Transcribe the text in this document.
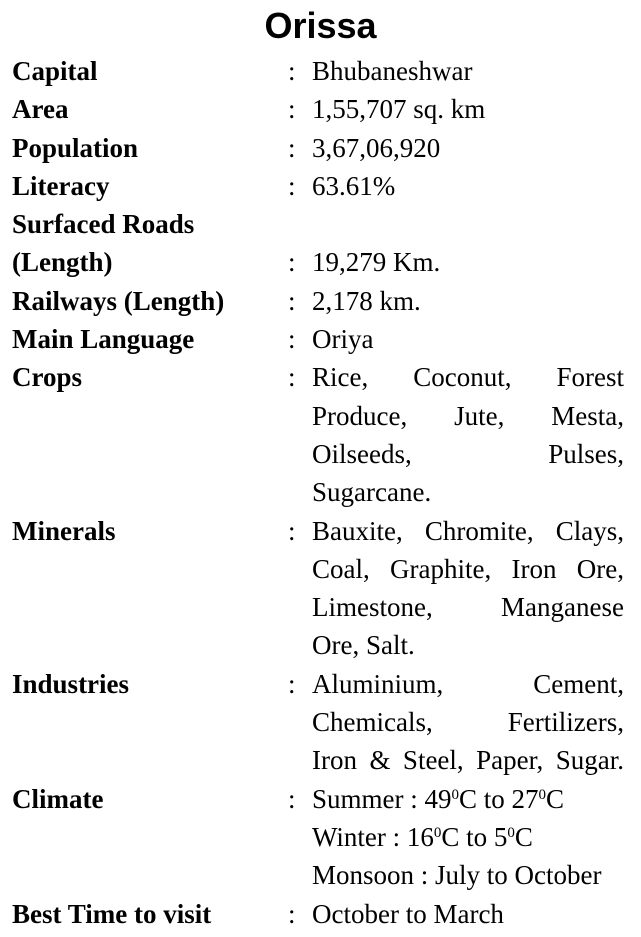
Orissa
Capital	: Bhubaneshwar
Area	: 1,55,707 sq. km
Population	: 3,67,06,920
Literacy	: 63.61%
Surfaced Roads
(Length)	: 19,279 Km.
Railways (Length)	: 2,178 km.
Main Language	: Oriya
Crops	: Rice, Coconut, Forest
Produce, Jute, Mesta,
Oilseeds, Pulses,
Sugarcane.
Minerals	: Bauxite, Chromite, Clays,
Coal, Graphite, Iron Ore,
Limestone, Manganese
Ore, Salt.
Industries	: Aluminium, Cement,
Chemicals, Fertilizers,
Iron & Steel, Paper, Sugar.
Climate	: Summer : $49^0C$ to $27^0C$
Winter : $16^0C$ to $5^0C$
Monsoon : July to October
Best Time to visit	: October to March
